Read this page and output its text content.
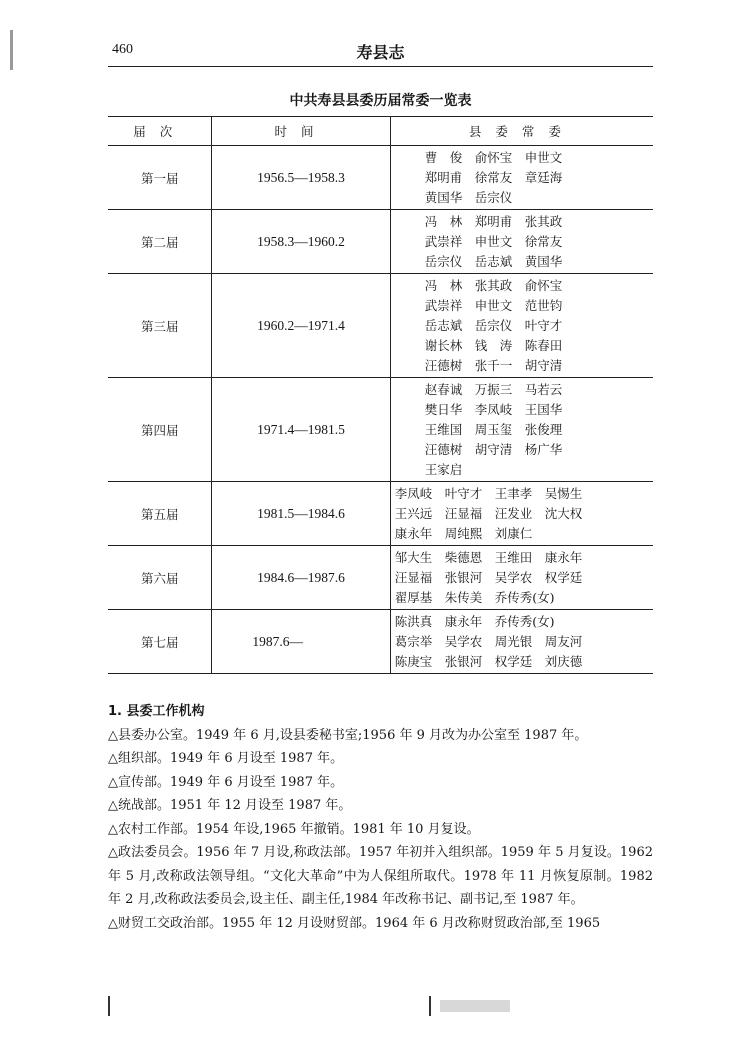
460	寿县志
中共寿县县委历届常委一览表
届次	时间	县委常委
第一届	1956.5—1958.3	曹　俊　俞怀宝　申世文
郑明甫　徐常友　章廷海
黄国华　岳宗仪

第二届	1958.3—1960.2	冯　林　郑明甫　张其政
武崇祥　申世文　徐常友
岳宗仪　岳志斌　黄国华

第三届	1960.2—1971.4	冯　林　张其政　俞怀宝
武崇祥　申世文　范世钧
岳志斌　岳宗仪　叶守才
谢长林　钱　涛　陈春田
汪德树　张千一　胡守清

第四届	1971.4—1981.5	赵春诚　万振三　马若云
樊日华　李凤岐　王国华
王维国　周玉玺　张俊理
汪德树　胡守清　杨广华
王家启

第五届	1981.5—1984.6	李凤岐　叶守才　王聿孝　吴惕生
王兴远　汪显福　汪发业　沈大权
康永年　周纯熙　刘康仁

第六届	1984.6—1987.6	邹大生　柴德恩　王维田　康永年
汪显福　张银河　吴学农　权学廷
翟厚基　朱传美　乔传秀(女)

第七届	1987.6—	陈洪真　康永年　乔传秀(女)
葛宗举　吴学农　周光银　周友河
陈庚宝　张银河　权学廷　刘庆德

1. 县委工作机构

△县委办公室。1949 年 6 月,设县委秘书室;1956 年 9 月改为办公室至 1987 年。

△组织部。1949 年 6 月设至 1987 年。

△宣传部。1949 年 6 月设至 1987 年。

△统战部。1951 年 12 月设至 1987 年。

△农村工作部。1954 年设,1965 年撤销。1981 年 10 月复设。

△政法委员会。1956 年 7 月设,称政法部。1957 年初并入组织部。1959 年 5 月复设。1962 年 5 月,改称政法领导组。“文化大革命”中为人保组所取代。1978 年 11 月恢复原制。1982 年 2 月,改称政法委员会,设主任、副主任,1984 年改称书记、副书记,至 1987 年。

△财贸工交政治部。1955 年 12 月设财贸部。1964 年 6 月改称财贸政治部,至 1965
